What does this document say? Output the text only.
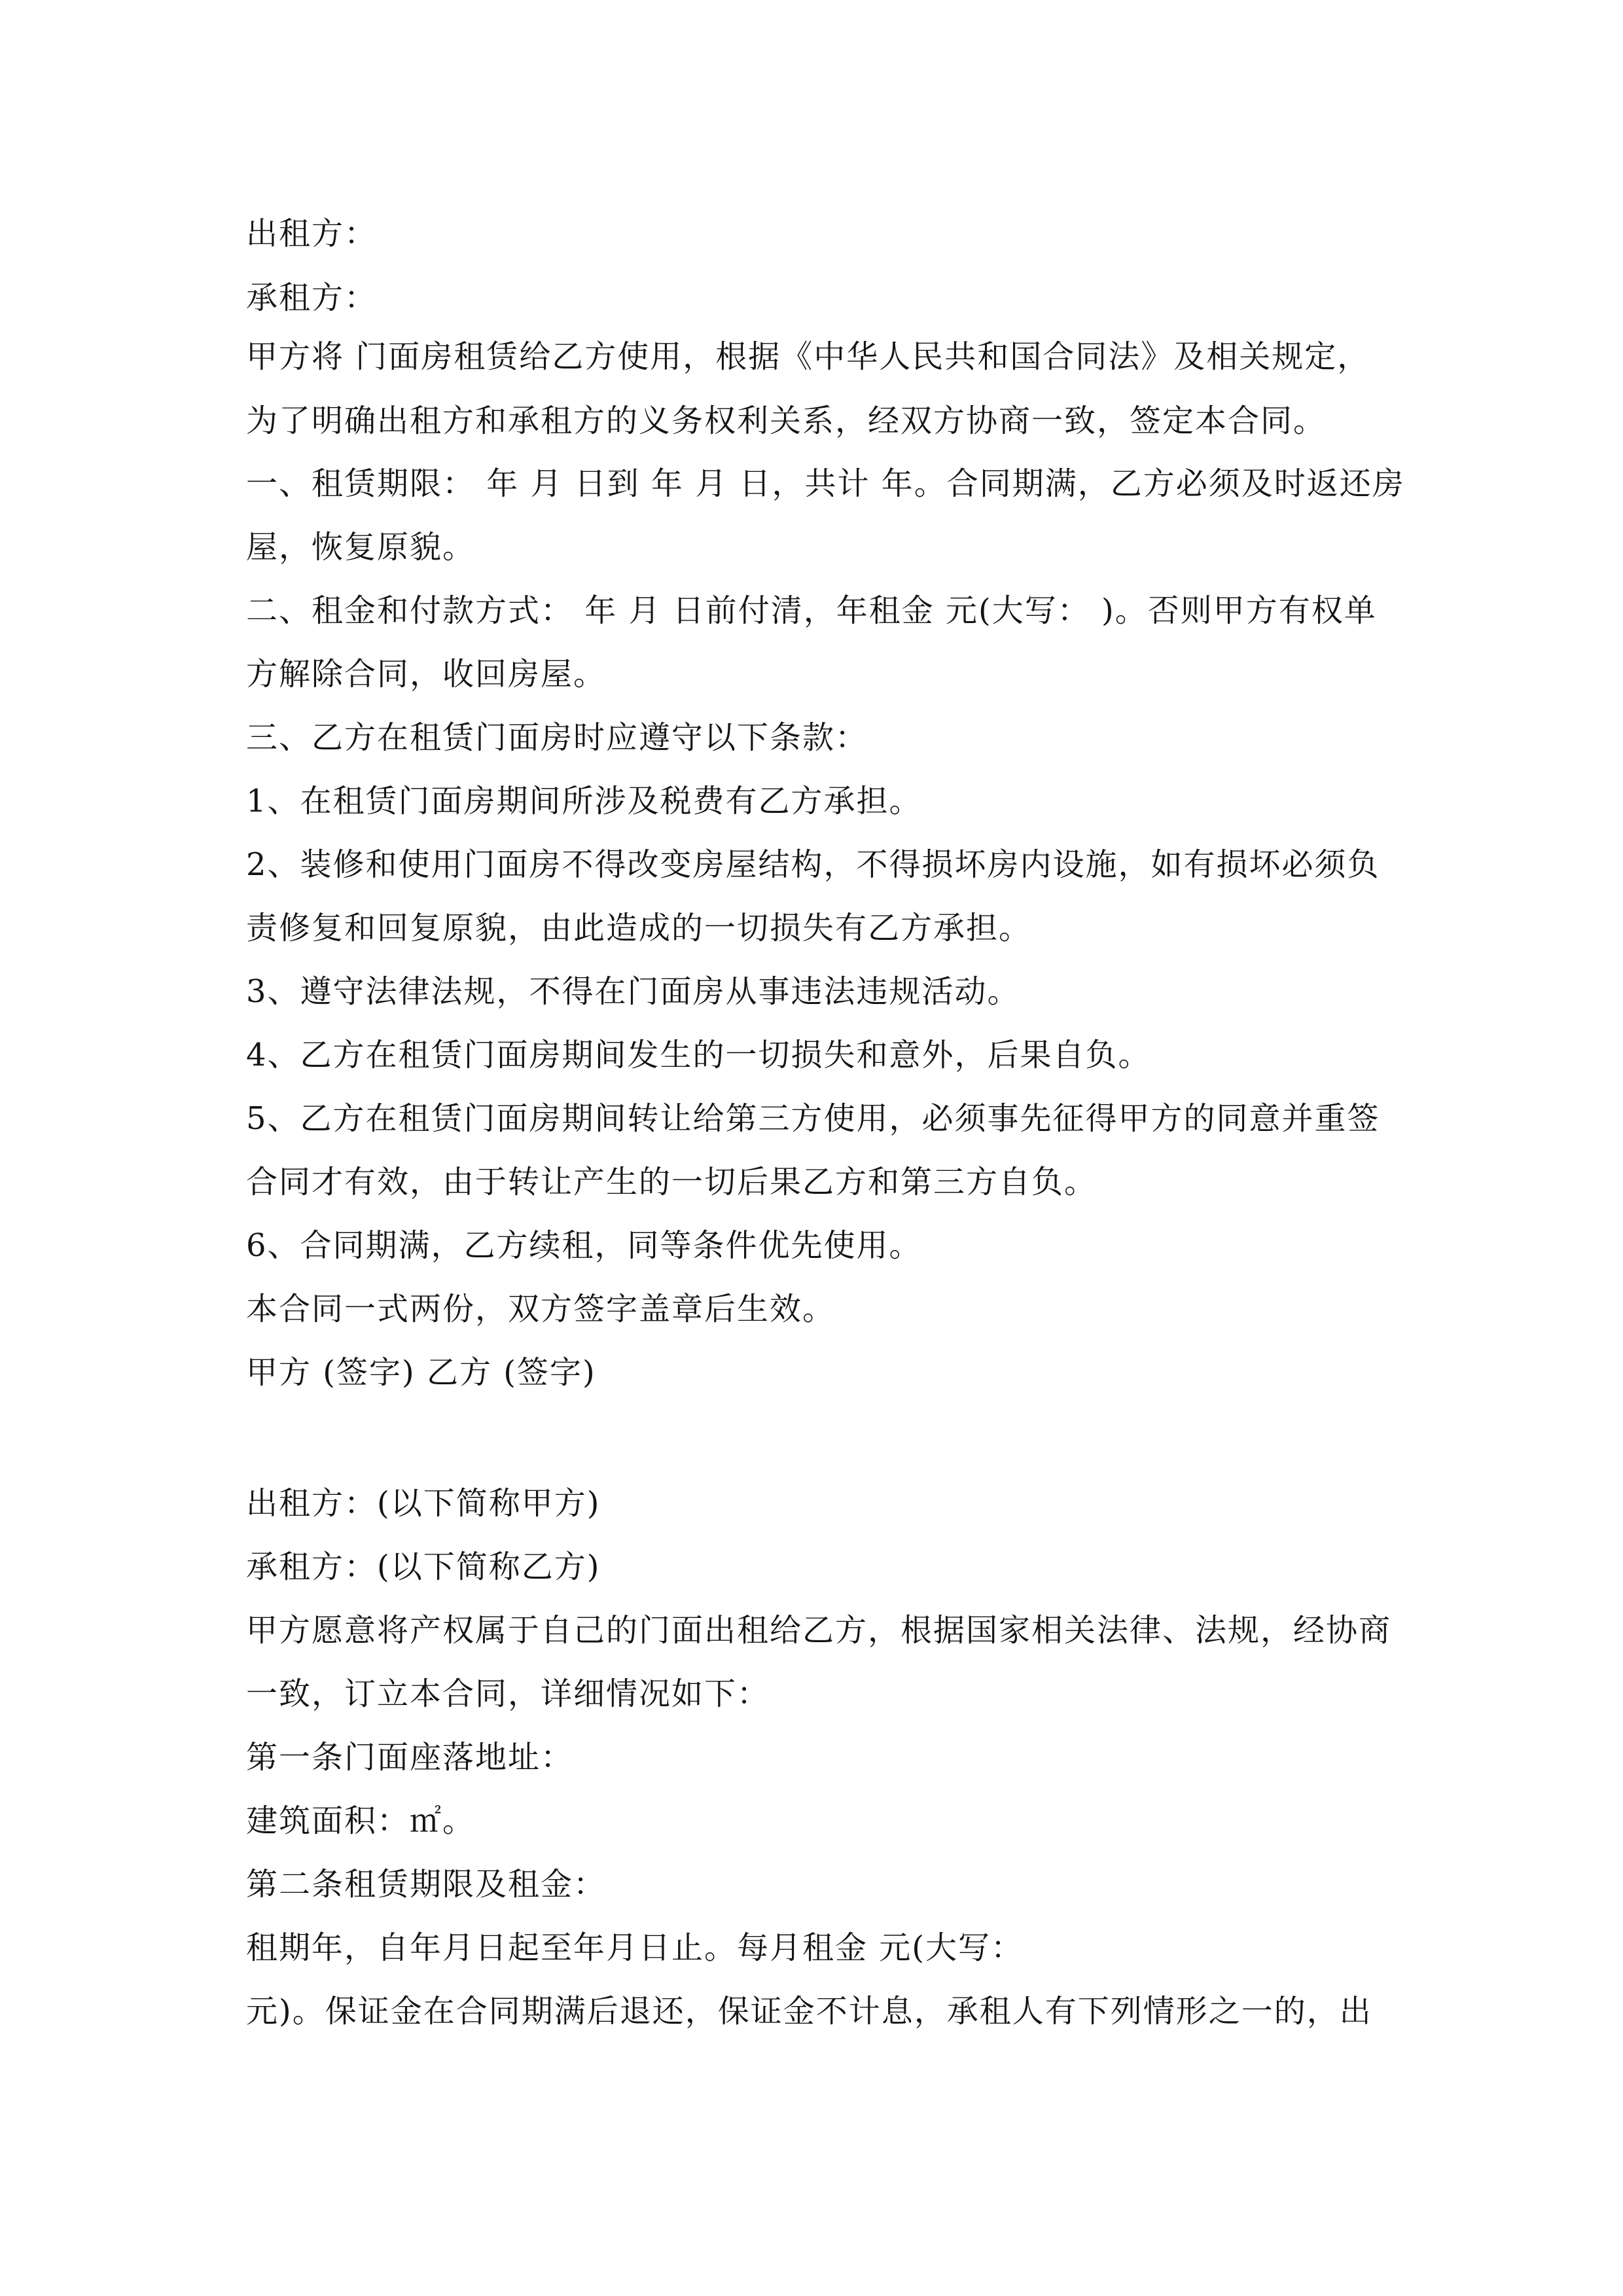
出租方：
承租方：
甲方将 门面房租赁给乙方使用，根据《中华人民共和国合同法》及相关规定，
为了明确出租方和承租方的义务权利关系，经双方协商一致，签定本合同。
一、租赁期限： 年 月 日到 年 月 日，共计 年。合同期满，乙方必须及时返还房
屋，恢复原貌。
二、租金和付款方式： 年 月 日前付清，年租金 元(大写： )。否则甲方有权单
方解除合同，收回房屋。
三、乙方在租赁门面房时应遵守以下条款：
1、在租赁门面房期间所涉及税费有乙方承担。
2、装修和使用门面房不得改变房屋结构，不得损坏房内设施，如有损坏必须负
责修复和回复原貌，由此造成的一切损失有乙方承担。
3、遵守法律法规，不得在门面房从事违法违规活动。
4、乙方在租赁门面房期间发生的一切损失和意外，后果自负。
5、乙方在租赁门面房期间转让给第三方使用，必须事先征得甲方的同意并重签
合同才有效，由于转让产生的一切后果乙方和第三方自负。
6、合同期满，乙方续租，同等条件优先使用。
本合同一式两份，双方签字盖章后生效。
甲方 (签字) 乙方 (签字)
出租方：(以下简称甲方)
承租方：(以下简称乙方)
甲方愿意将产权属于自己的门面出租给乙方，根据国家相关法律、法规，经协商
一致，订立本合同，详细情况如下：
第一条门面座落地址：
建筑面积：㎡。
第二条租赁期限及租金：
租期年，自年月日起至年月日止。每月租金 元(大写：
元)。保证金在合同期满后退还，保证金不计息，承租人有下列情形之一的，出
